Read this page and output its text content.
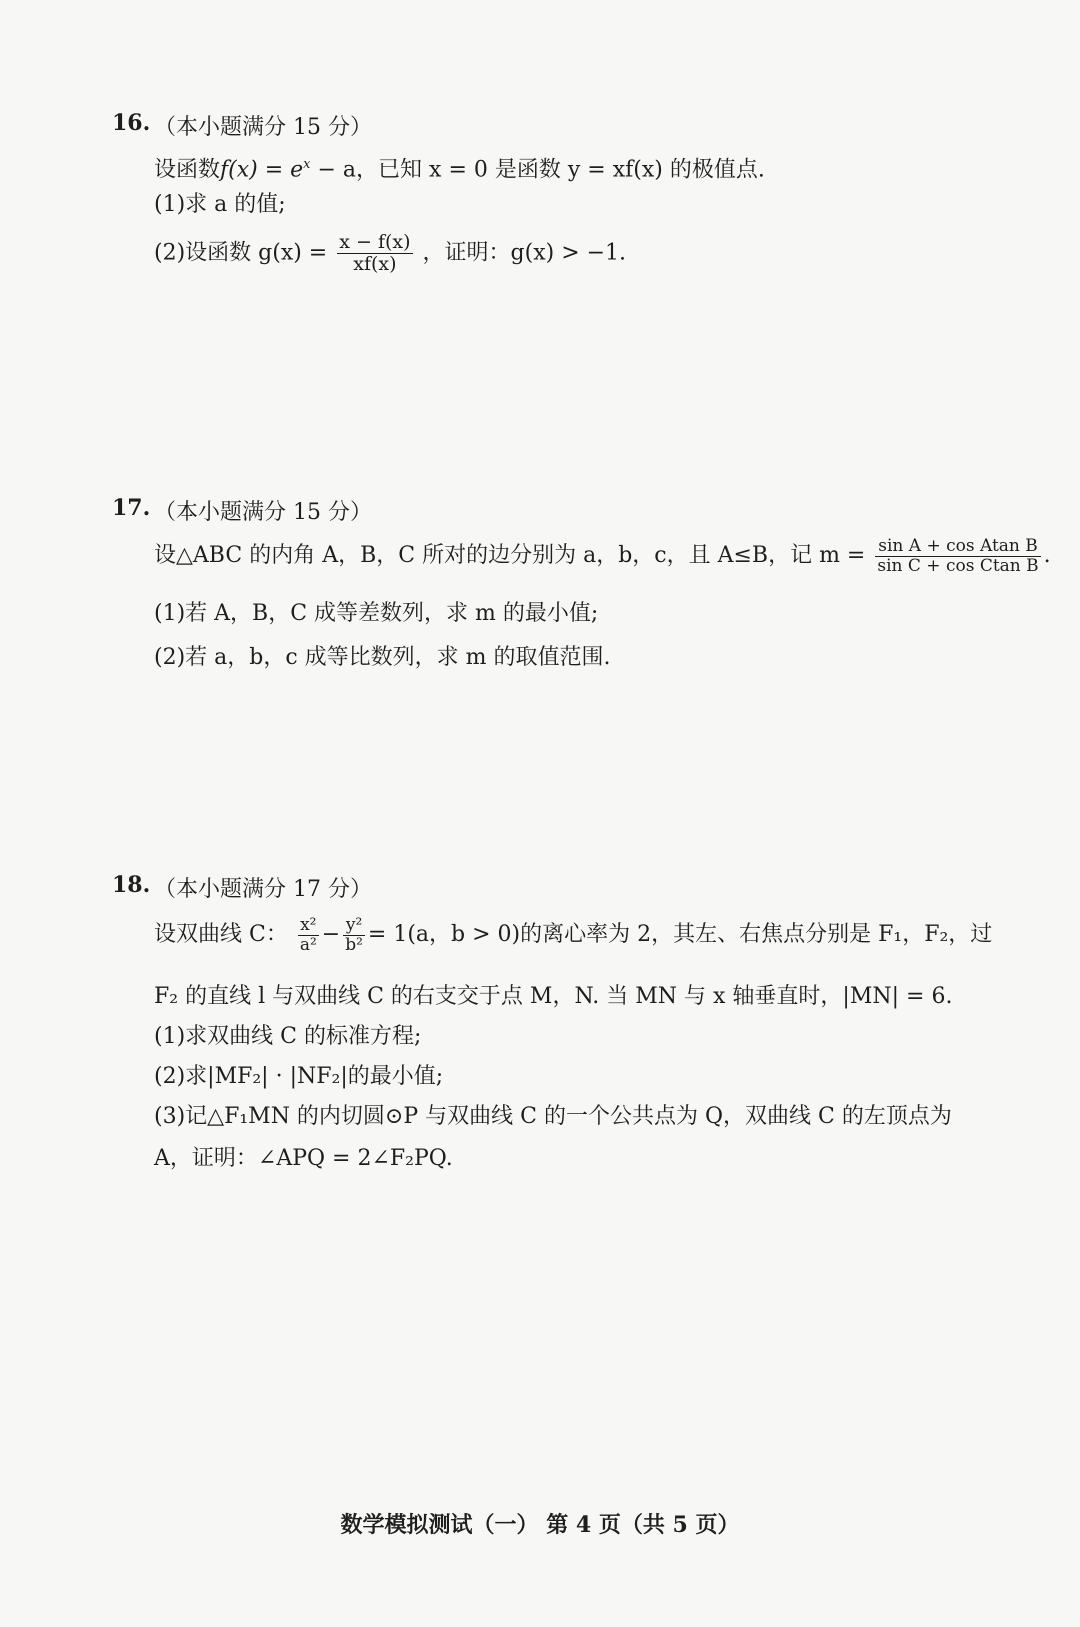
16. （本小题满分 15 分）
设函数$f(x) = e^x - a$，已知 x = 0 是函数 y = xf(x) 的极值点.
(1)求 a 的值;
(2)设函数 $g(x) = \frac{x - f(x)}{xf(x)}$ ，证明：g(x) > −1.
17. （本小题满分 15 分）
设△ABC 的内角 A，B，C 所对的边分别为 a，b，c，且 A≤B，记 $m = \frac{\text{sin A + cos Atan B}}{\text{sin C + cos Ctan B}}$ .
(1)若 A，B，C 成等差数列，求 m 的最小值;
(2)若 a，b，c 成等比数列，求 m 的取值范围.
18. （本小题满分 17 分）
设双曲线 C： $\frac{\text{x²}}{\text{a²}} - \frac{\text{y²}}{\text{b²}} = 1(a$，b > 0)的离心率为 2，其左、右焦点分别是 F₁，F₂，过
F₂ 的直线 l 与双曲线 C 的右支交于点 M，N. 当 MN 与 x 轴垂直时，|MN| = 6.
(1)求双曲线 C 的标准方程;
(2)求|MF₂| · |NF₂|的最小值;
(3)记△F₁MN 的内切圆⊙P 与双曲线 C 的一个公共点为 Q，双曲线 C 的左顶点为
A，证明：∠APQ = 2∠F₂PQ.
数学模拟测试（一） 第 4 页（共 5 页）
